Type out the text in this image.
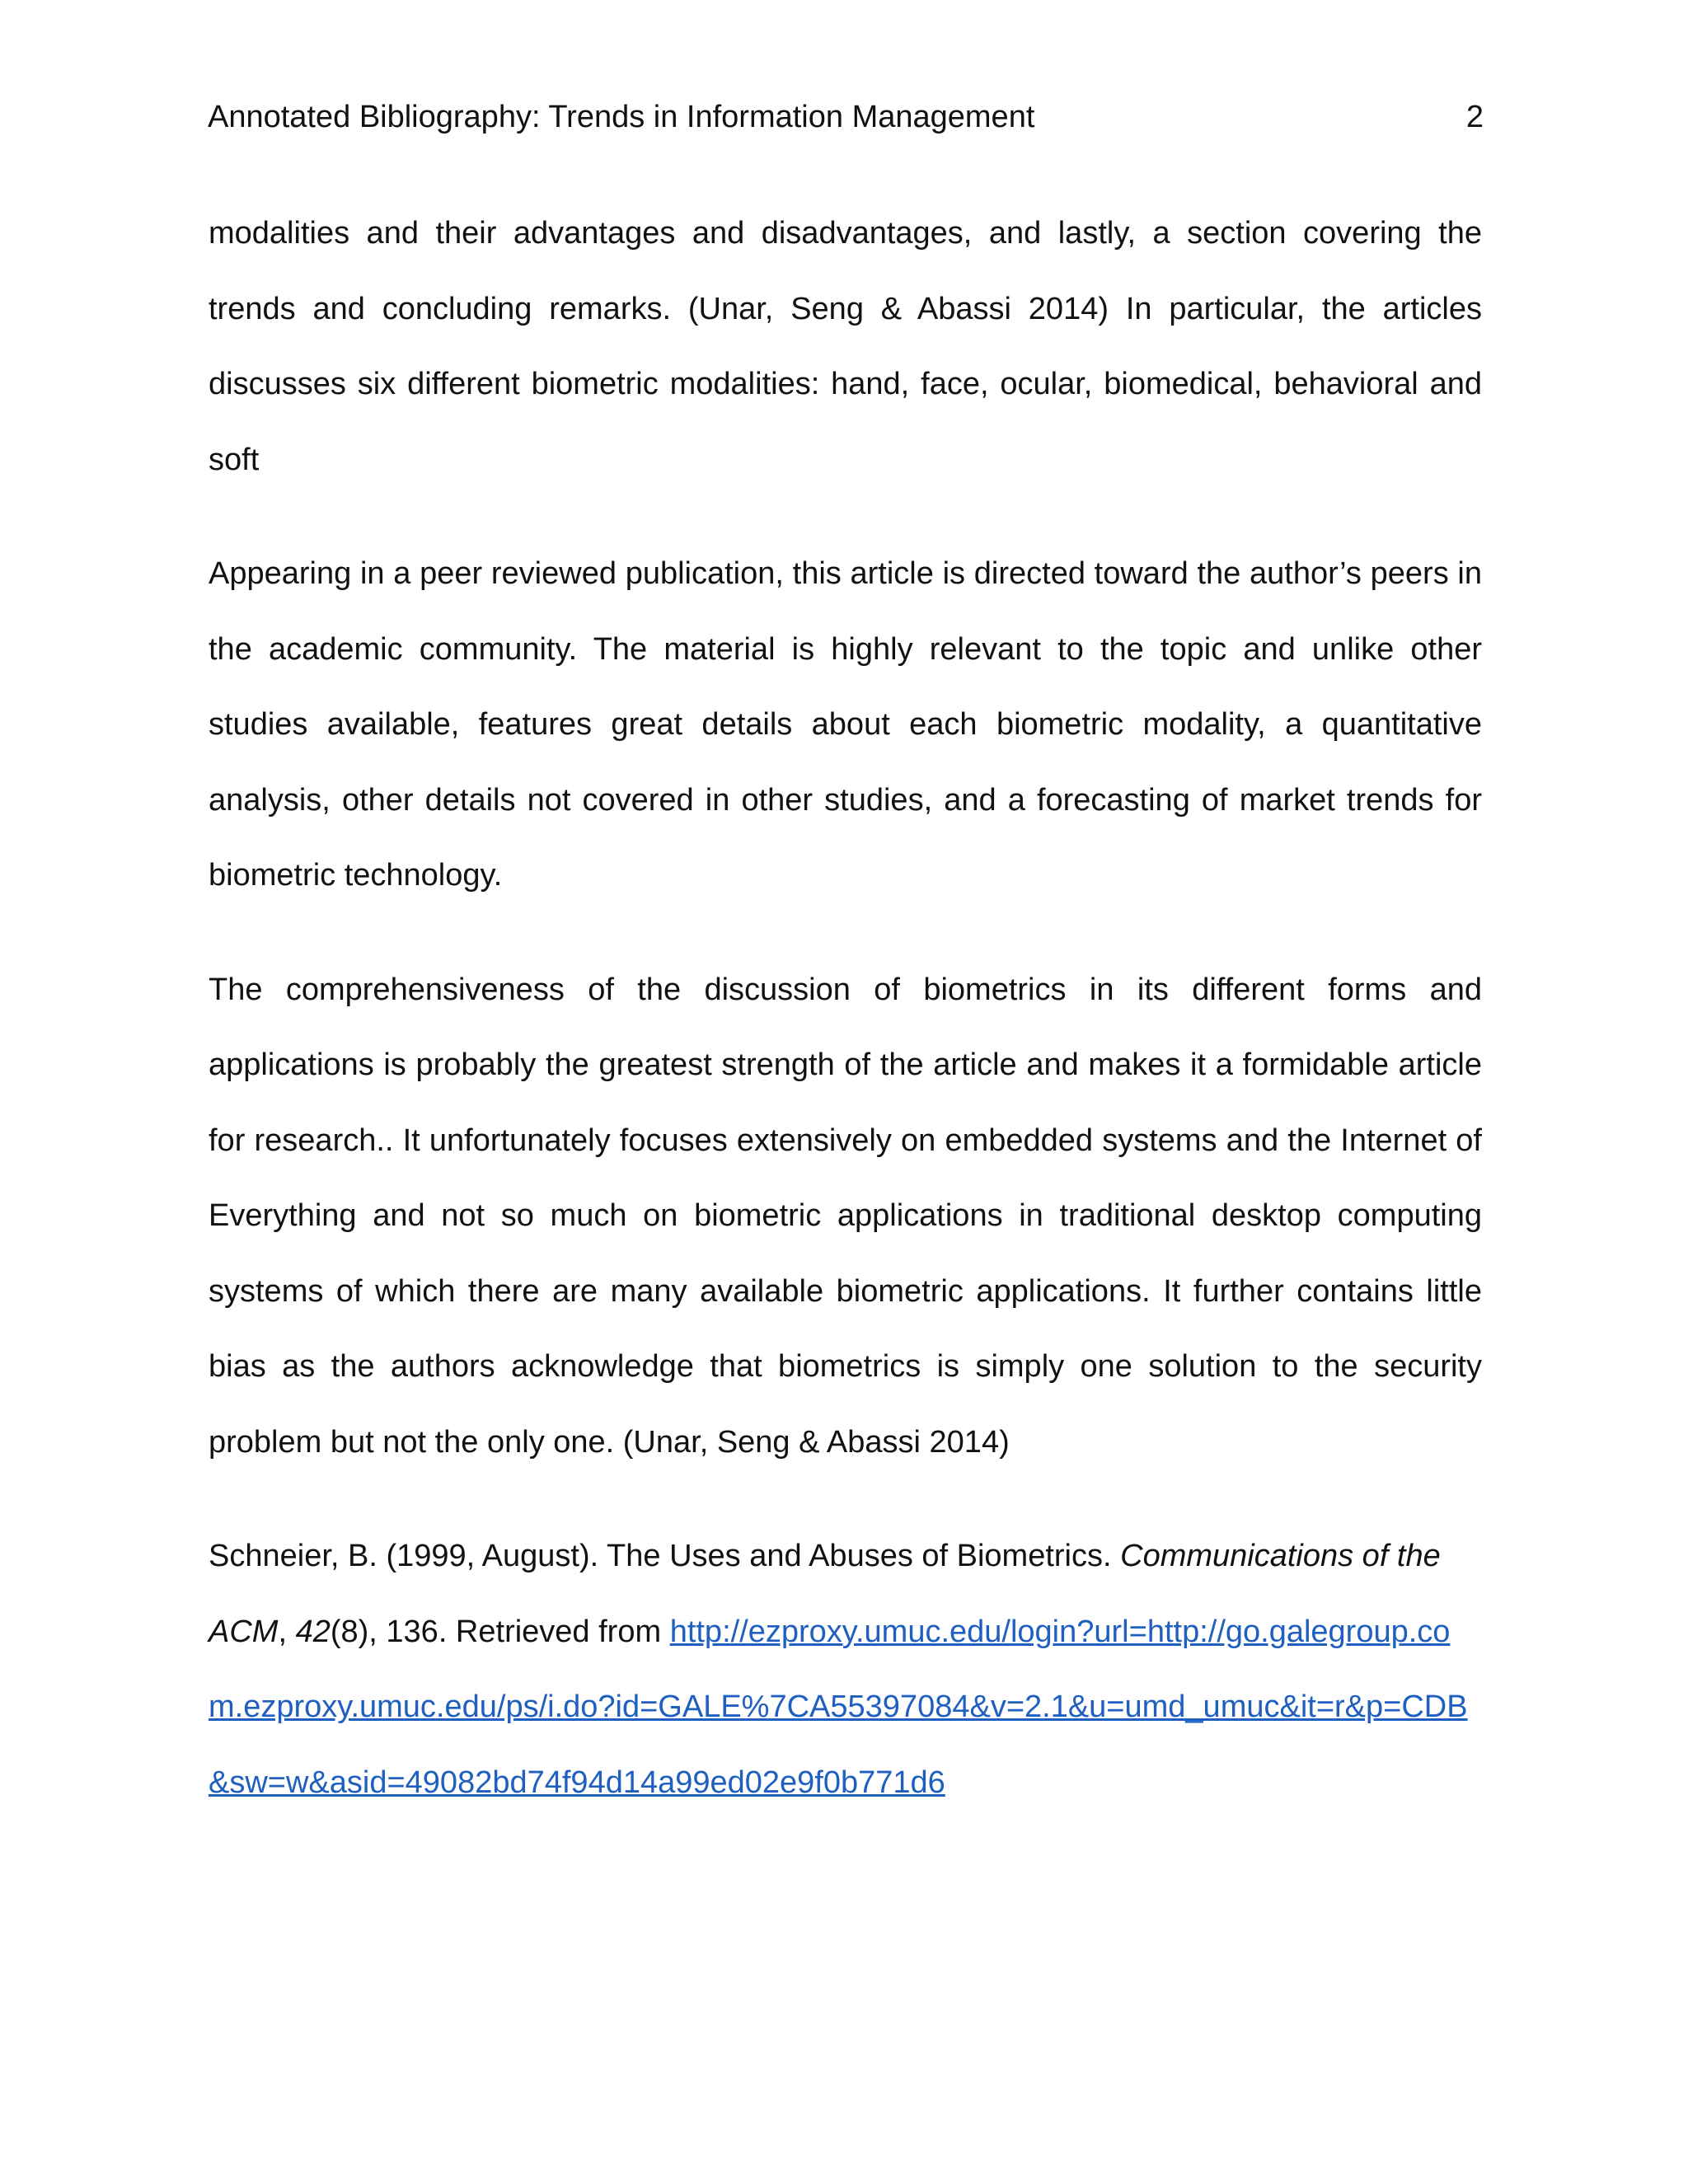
Annotated Bibliography: Trends in Information Management	2

modalities and their advantages and disadvantages, and lastly, a section covering the trends and concluding remarks. (Unar, Seng & Abassi 2014) In particular, the articles discusses six different biometric modalities: hand, face, ocular, biomedical, behavioral and soft

Appearing in a peer reviewed publication, this article is directed toward the author’s peers in the academic community. The material is highly relevant to the topic and unlike other studies available, features great details about each biometric modality, a quantitative analysis, other details not covered in other studies, and a forecasting of market trends for biometric technology.

The comprehensiveness of the discussion of biometrics in its different forms and applications is probably the greatest strength of the article and makes it a formidable article for research.. It unfortunately focuses extensively on embedded systems and the Internet of Everything and not so much on biometric applications in traditional desktop computing systems of which there are many available biometric applications. It further contains little bias as the authors acknowledge that biometrics is simply one solution to the security problem but not the only one. (Unar, Seng & Abassi 2014)

Schneier, B. (1999, August). The Uses and Abuses of Biometrics. Communications of the ACM, 42(8), 136. Retrieved from http://ezproxy.umuc.edu/login?url=http://go.galegroup.com.ezproxy.umuc.edu/ps/i.do?id=GALE%7CA55397084&v=2.1&u=umd_umuc&it=r&p=CDB&sw=w&asid=49082bd74f94d14a99ed02e9f0b771d6
